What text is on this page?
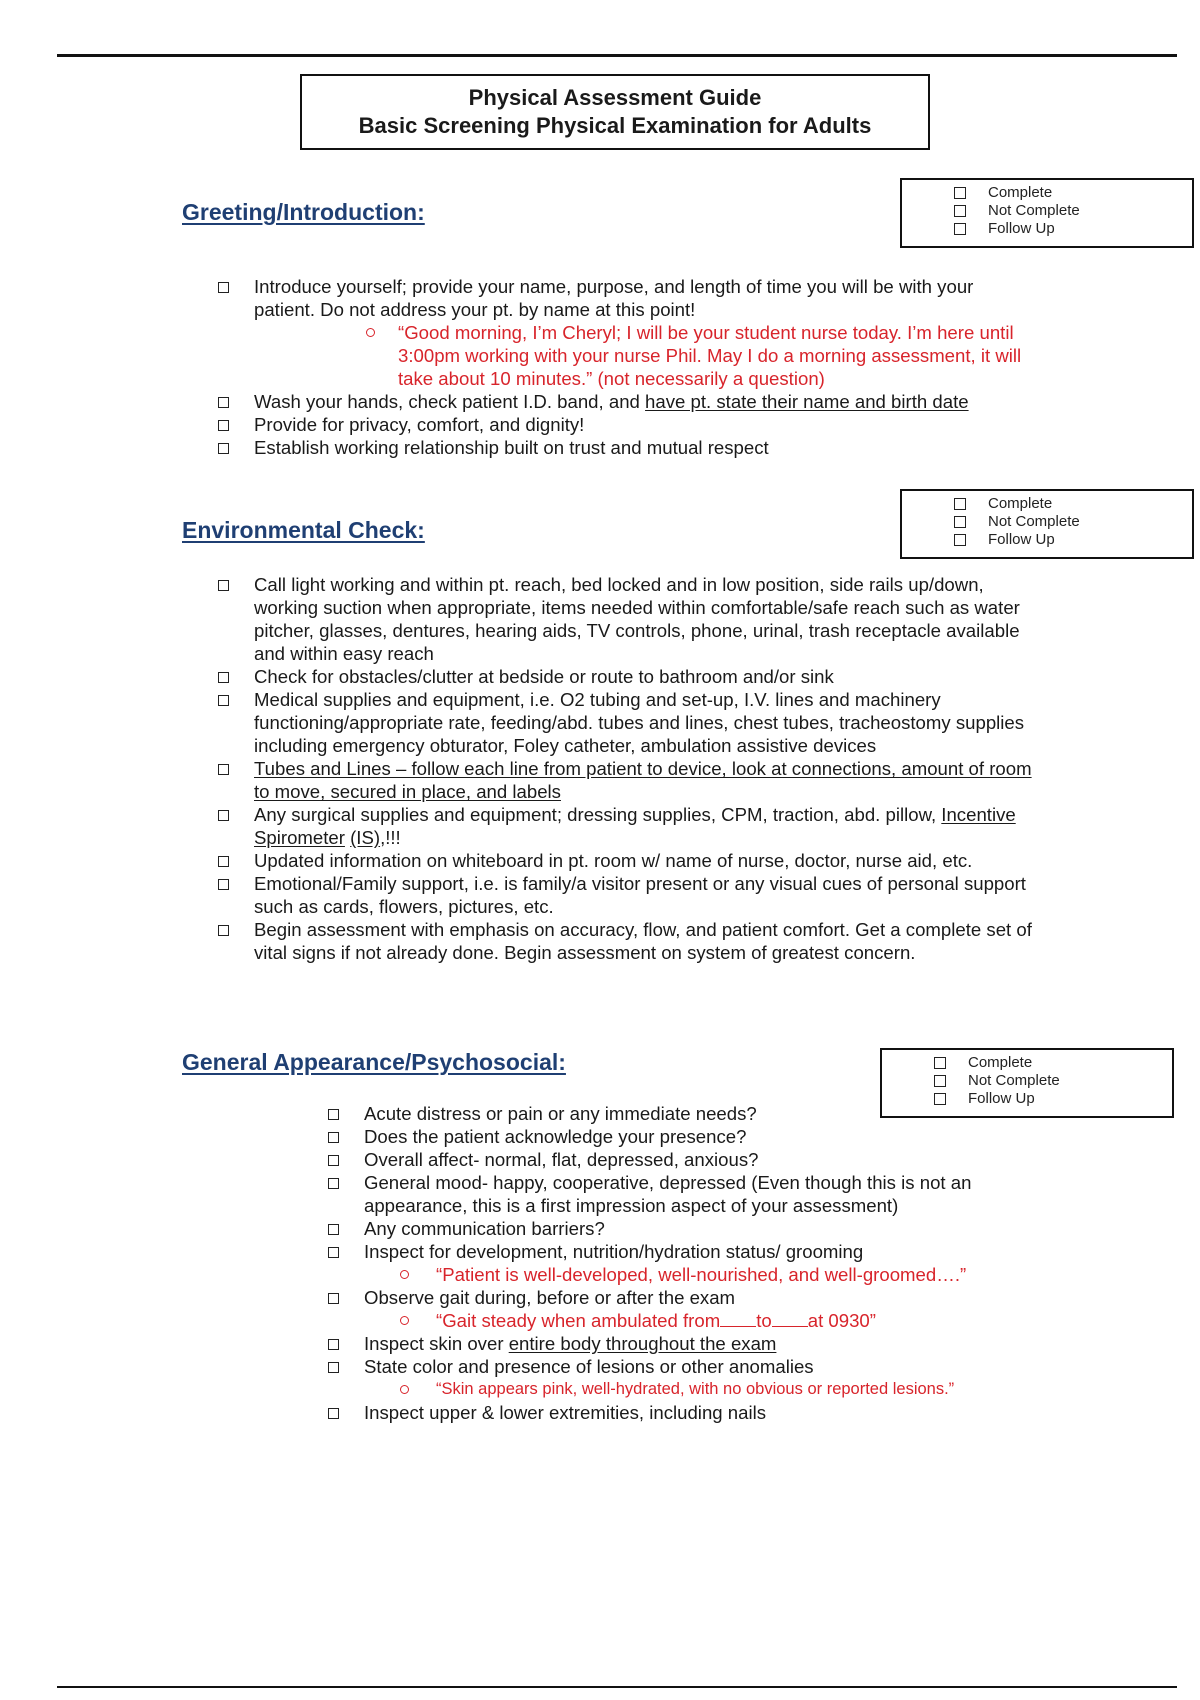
Physical Assessment Guide
Basic Screening Physical Examination for Adults
Greeting/Introduction:
Complete
Not Complete
Follow Up
Introduce yourself; provide your name, purpose, and length of time you will be with your patient. Do not address your pt. by name at this point!
“Good morning, I’m Cheryl; I will be your student nurse today. I’m here until 3:00pm working with your nurse Phil. May I do a morning assessment, it will take about 10 minutes.” (not necessarily a question)
Wash your hands, check patient I.D. band, and have pt. state their name and birth date
Provide for privacy, comfort, and dignity!
Establish working relationship built on trust and mutual respect
Environmental Check:
Complete
Not Complete
Follow Up
Call light working and within pt. reach, bed locked and in low position, side rails up/down, working suction when appropriate, items needed within comfortable/safe reach such as water pitcher, glasses, dentures, hearing aids, TV controls, phone, urinal, trash receptacle available and within easy reach
Check for obstacles/clutter at bedside or route to bathroom and/or sink
Medical supplies and equipment, i.e. O2 tubing and set-up, I.V. lines and machinery functioning/appropriate rate, feeding/abd. tubes and lines, chest tubes, tracheostomy supplies including emergency obturator, Foley catheter, ambulation assistive devices
Tubes and Lines – follow each line from patient to device, look at connections, amount of room to move, secured in place, and labels
Any surgical supplies and equipment; dressing supplies, CPM, traction, abd. pillow, Incentive Spirometer (IS),!!!
Updated information on whiteboard in pt. room w/ name of nurse, doctor, nurse aid, etc.
Emotional/Family support, i.e. is family/a visitor present or any visual cues of personal support such as cards, flowers, pictures, etc.
Begin assessment with emphasis on accuracy, flow, and patient comfort. Get a complete set of vital signs if not already done. Begin assessment on system of greatest concern.
General Appearance/Psychosocial:	Complete
Not Complete
Follow Up
Acute distress or pain or any immediate needs?
Does the patient acknowledge your presence?
Overall affect- normal, flat, depressed, anxious?
General mood- happy, cooperative, depressed (Even though this is not an appearance, this is a first impression aspect of your assessment)
Any communication barriers?
Inspect for development, nutrition/hydration status/ grooming
“Patient is well-developed, well-nourished, and well-groomed….”
Observe gait during, before or after the exam
“Gait steady when ambulated from to at 0930”
Inspect skin over entire body throughout the exam
State color and presence of lesions or other anomalies
“Skin appears pink, well-hydrated, with no obvious or reported lesions.”
Inspect upper & lower extremities, including nails
